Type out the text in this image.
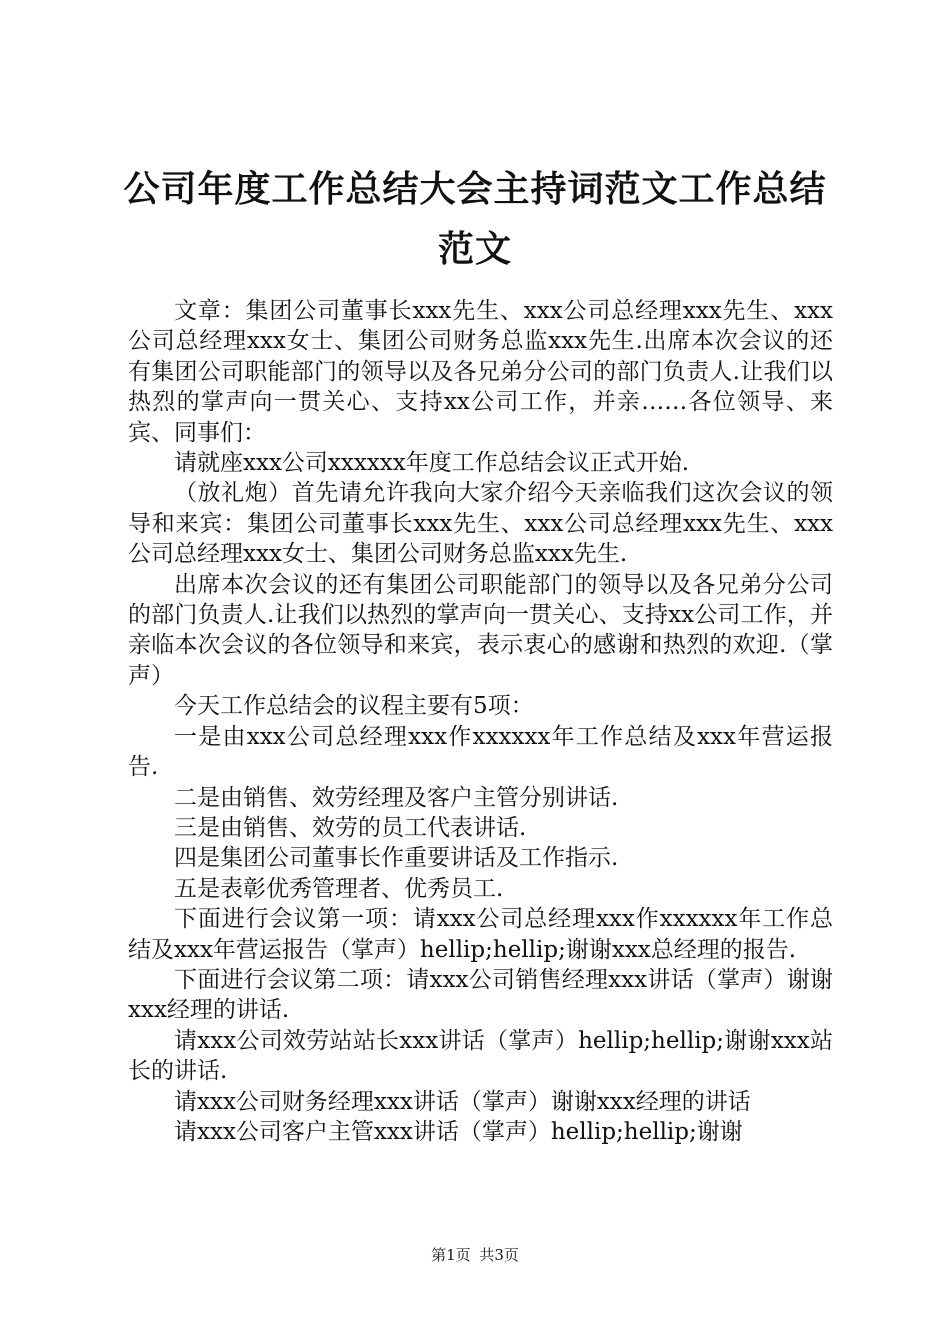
公司年度工作总结大会主持词范文工作总结范文

文章：集团公司董事长xxx先生、xxx公司总经理xxx先生、xxx公司总经理xxx女士、集团公司财务总监xxx先生.出席本次会议的还有集团公司职能部门的领导以及各兄弟分公司的部门负责人.让我们以热烈的掌声向一贯关心、支持xx公司工作，并亲……各位领导、来宾、同事们：

请就座xxx公司xxxxxx年度工作总结会议正式开始.

（放礼炮）首先请允许我向大家介绍今天亲临我们这次会议的领导和来宾：集团公司董事长xxx先生、xxx公司总经理xxx先生、xxx公司总经理xxx女士、集团公司财务总监xxx先生.

出席本次会议的还有集团公司职能部门的领导以及各兄弟分公司的部门负责人.让我们以热烈的掌声向一贯关心、支持xx公司工作，并亲临本次会议的各位领导和来宾，表示衷心的感谢和热烈的欢迎.（掌声）

今天工作总结会的议程主要有5项：

一是由xxx公司总经理xxx作xxxxxx年工作总结及xxx年营运报告.

二是由销售、效劳经理及客户主管分别讲话.

三是由销售、效劳的员工代表讲话.

四是集团公司董事长作重要讲话及工作指示.

五是表彰优秀管理者、优秀员工.

下面进行会议第一项：请xxx公司总经理xxx作xxxxxx年工作总结及xxx年营运报告（掌声）hellip;hellip;谢谢xxx总经理的报告.

下面进行会议第二项：请xxx公司销售经理xxx讲话（掌声）谢谢xxx经理的讲话.

请xxx公司效劳站站长xxx讲话（掌声）hellip;hellip;谢谢xxx站长的讲话.

请xxx公司财务经理xxx讲话（掌声）谢谢xxx经理的讲话

请xxx公司客户主管xxx讲话（掌声）hellip;hellip;谢谢

第1页 共3页
